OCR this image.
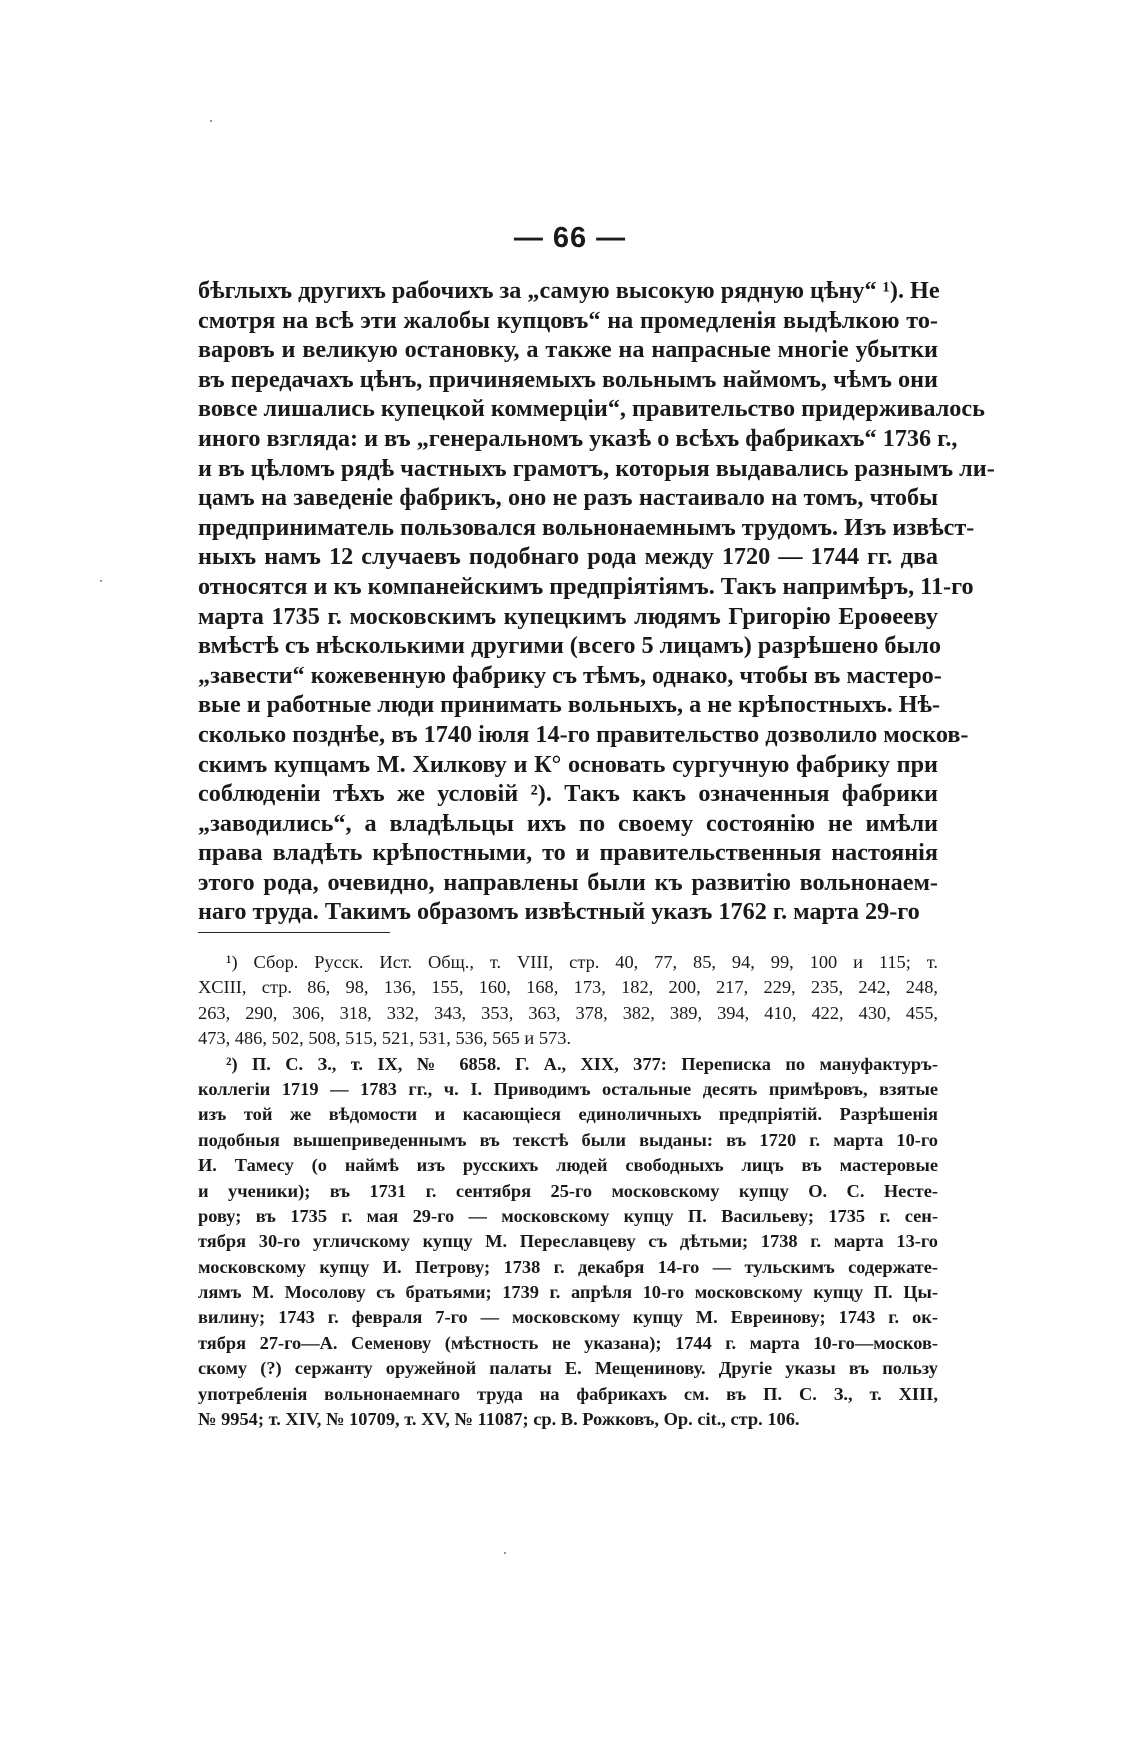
— 66 —
бѣглыхъ другихъ рабочихъ за „самую высокую рядную цѣну“ ¹). Не
смотря на всѣ эти жалобы купцовъ“ на промедленія выдѣлкою то-
варовъ и великую остановку, а также на напрасные многіе убытки
въ передачахъ цѣнъ, причиняемыхъ вольнымъ наймомъ, чѣмъ они
вовсе лишались купецкой коммерціи“, правительство придерживалось
иного взгляда: и въ „генеральномъ указѣ о всѣхъ фабрикахъ“ 1736 г.,
и въ цѣломъ рядѣ частныхъ грамотъ, которыя выдавались разнымъ ли-
цамъ на заведеніе фабрикъ, оно не разъ настаивало на томъ, чтобы
предприниматель пользовался вольнонаемнымъ трудомъ. Изъ извѣст-
ныхъ намъ 12 случаевъ подобнаго рода между 1720 — 1744 гг. два
относятся и къ компанейскимъ предпріятіямъ. Такъ напримѣръ, 11-го
марта 1735 г. московскимъ купецкимъ людямъ Григорію Ероѳееву
вмѣстѣ съ нѣсколькими другими (всего 5 лицамъ) разрѣшено было
„завести“ кожевенную фабрику съ тѣмъ, однако, чтобы въ мастеро-
вые и работные люди принимать вольныхъ, а не крѣпостныхъ. Нѣ-
сколько позднѣе, въ 1740 іюля 14-го правительство дозволило москов-
скимъ купцамъ М. Хилкову и К° основать сургучную фабрику при
соблюденіи тѣхъ же условій ²). Такъ какъ означенныя фабрики
„заводились“, а владѣльцы ихъ по своему состоянію не имѣли
права владѣть крѣпостными, то и правительственныя настоянія
этого рода, очевидно, направлены были къ развитію вольнонаем-
наго труда. Такимъ образомъ извѣстный указъ 1762 г. марта 29-го
¹) Сбор. Русск. Ист. Общ., т. VIII, стр. 40, 77, 85, 94, 99, 100 и 115; т.
XCIII, стр. 86, 98, 136, 155, 160, 168, 173, 182, 200, 217, 229, 235, 242, 248,
263, 290, 306, 318, 332, 343, 353, 363, 378, 382, 389, 394, 410, 422, 430, 455,
473, 486, 502, 508, 515, 521, 531, 536, 565 и 573.
²) П. С. З., т. IX, № 6858. Г. А., XIX, 377: Переписка по мануфактуръ-
коллегіи 1719 — 1783 гг., ч. I. Приводимъ остальные десять примѣровъ, взятые
изъ той же вѣдомости и касающіеся единоличныхъ предпріятій. Разрѣшенія
подобныя вышеприведеннымъ въ текстѣ были выданы: въ 1720 г. марта 10-го
И. Тамесу (о наймѣ изъ русскихъ людей свободныхъ лицъ въ мастеровые
и ученики); въ 1731 г. сентября 25-го московскому купцу О. С. Несте-
рову; въ 1735 г. мая 29-го — московскому купцу П. Васильеву; 1735 г. сен-
тября 30-го угличскому купцу М. Переславцеву съ дѣтьми; 1738 г. марта 13-го
московскому купцу И. Петрову; 1738 г. декабря 14-го — тульскимъ содержате-
лямъ М. Мосолову съ братьями; 1739 г. апрѣля 10-го московскому купцу П. Цы-
вилину; 1743 г. февраля 7-го — московскому купцу М. Евреинову; 1743 г. ок-
тября 27-го—А. Семенову (мѣстность не указана); 1744 г. марта 10-го—москов-
скому (?) сержанту оружейной палаты Е. Мещенинову. Другіе указы въ пользу
употребленія вольнонаемнаго труда на фабрикахъ см. въ П. С. З., т. XIII,
№ 9954; т. XIV, № 10709, т. XV, № 11087; ср. В. Рожковъ, Op. cit., стр. 106.
